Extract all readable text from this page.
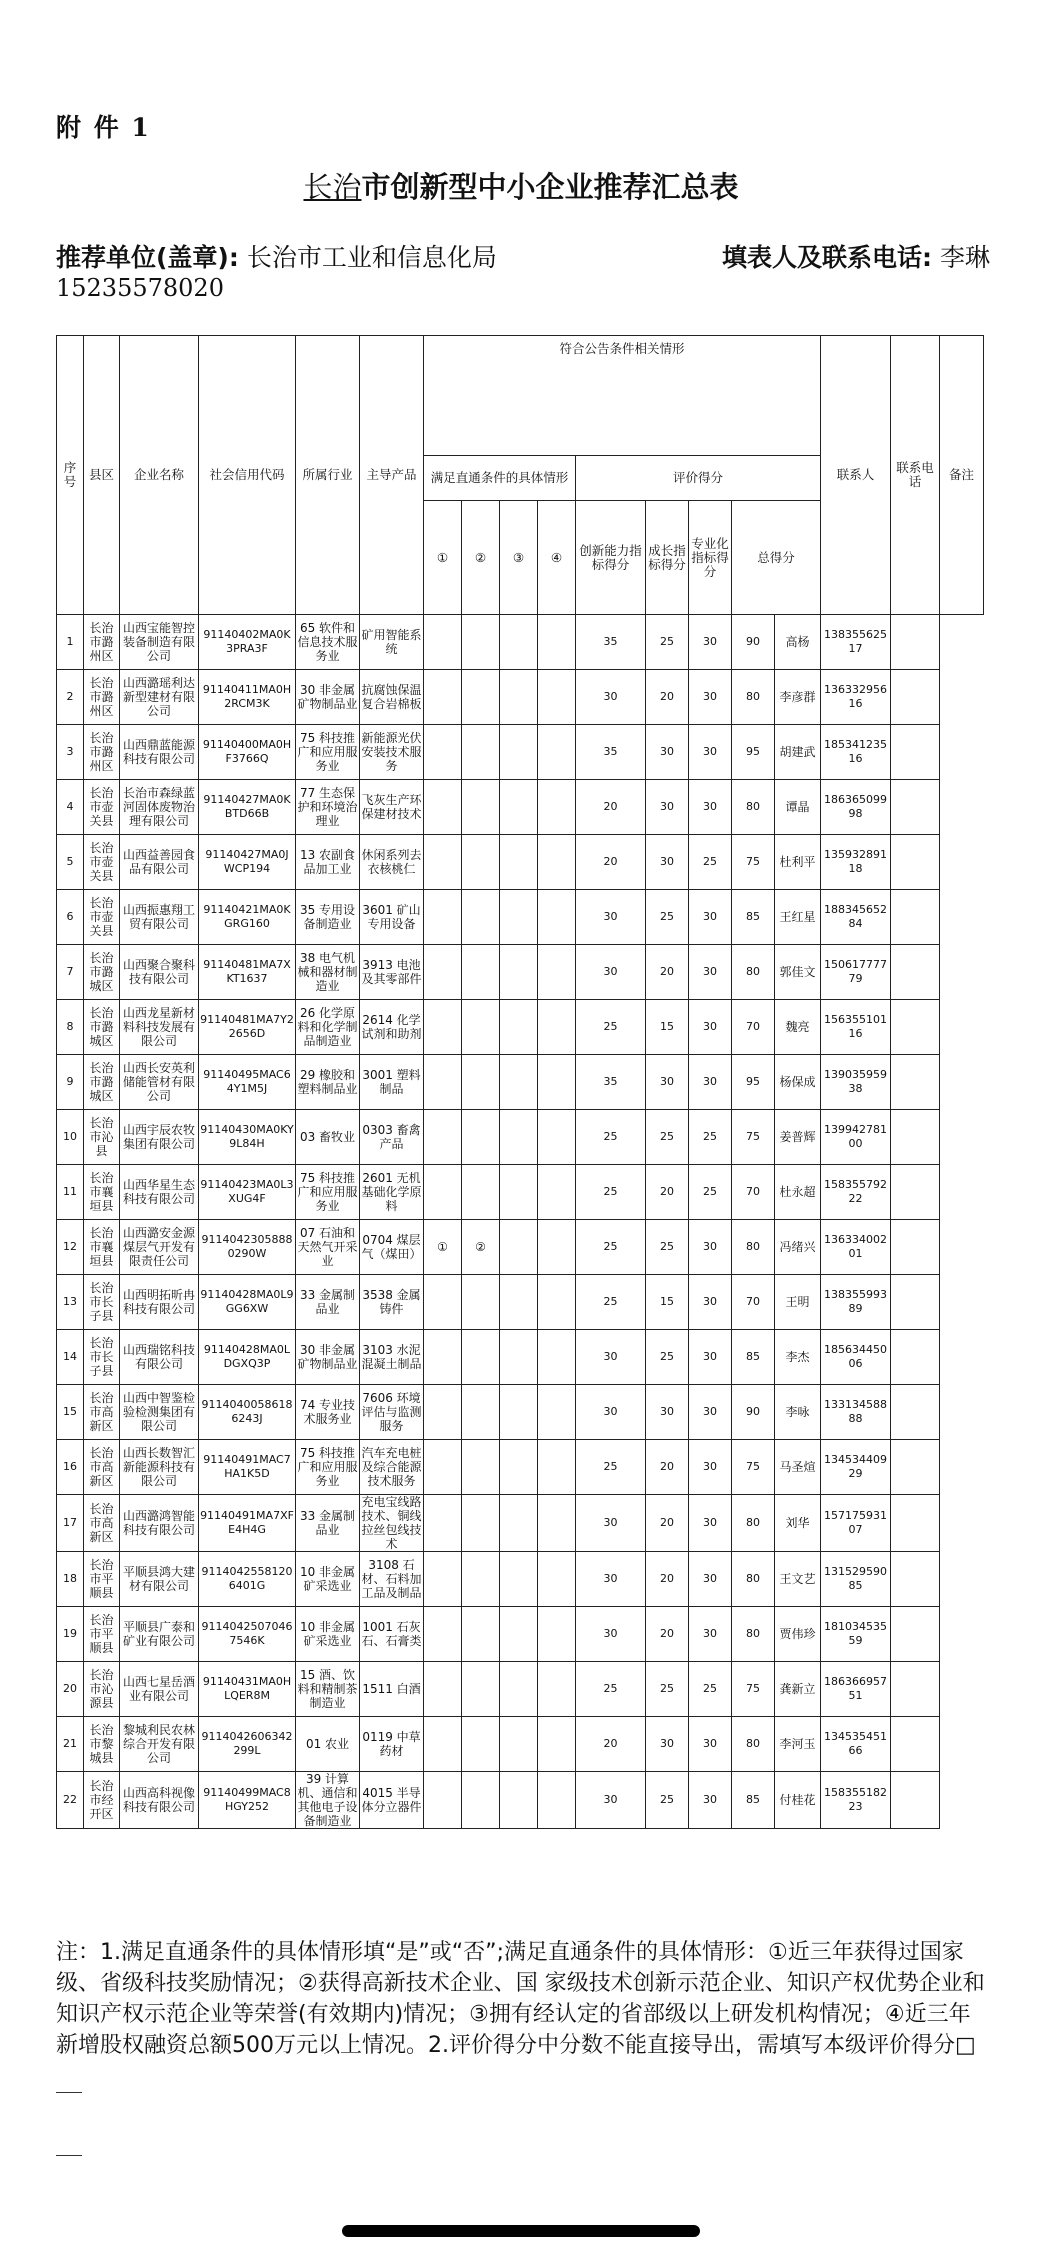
附 件 1
长治市创新型中小企业推荐汇总表
推荐单位(盖章): 长治市工业和信息化局	填表人及联系电话: 李琳
15235578020
序号	县区	企业名称	社会信用代码	所属行业	主导产品	符合公告条件相关情形									联系人	联系电话	备注
						满足直通条件的具体情形				评价得分							
						①	②	③	④	创新能力指标得分	成长指标得分	专业化指标得分	总得分				
1	长治市潞州区	山西宝能智控装备制造有限公司	91140402MA0K3PRA3F	65 软件和信息技术服务业	矿用智能系统					35	25	30	90	高杨	13835562517		
2	长治市潞州区	山西潞瑶利达新型建材有限公司	91140411MA0H2RCM3K	30 非金属矿物制品业	抗腐蚀保温复合岩棉板					30	20	30	80	李彦群	13633295616		
3	长治市潞州区	山西鼎蓝能源科技有限公司	91140400MA0HF3766Q	75 科技推广和应用服务业	新能源光伏安装技术服务					35	30	30	95	胡建武	18534123516		
4	长治市壶关县	长治市森绿蓝河固体废物治理有限公司	91140427MA0KBTD66B	77 生态保护和环境治理业	飞灰生产环保建材技术					20	30	30	80	谭晶	18636509998		
5	长治市壶关县	山西益善园食品有限公司	91140427MA0JWCP194	13 农副食品加工业	休闲系列去衣核桃仁					20	30	25	75	杜利平	13593289118		
6	长治市壶关县	山西振惠翔工贸有限公司	91140421MA0KGRG160	35 专用设备制造业	3601 矿山专用设备					30	25	30	85	王红星	18834565284		
7	长治市潞城区	山西聚合聚科技有限公司	91140481MA7XKT1637	38 电气机械和器材制造业	3913 电池及其零部件					30	20	30	80	郭佳文	15061777779		
8	长治市潞城区	山西龙星新材料科技发展有限公司	91140481MA7Y22656D	26 化学原料和化学制品制造业	2614 化学试剂和助剂					25	15	30	70	魏亮	15635510116		
9	长治市潞城区	山西长安英利储能管材有限公司	91140495MAC64Y1M5J	29 橡胶和塑料制品业	3001 塑料制品					35	30	30	95	杨保成	13903595938		
10	长治市沁县	山西宇辰农牧集团有限公司	91140430MA0KY9L84H	03 畜牧业	0303 畜禽产品					25	25	25	75	姜普辉	13994278100		
11	长治市襄垣县	山西华星生态科技有限公司	91140423MA0L3XUG4F	75 科技推广和应用服务业	2601 无机基础化学原料					25	20	25	70	杜永超	15835579222		
12	长治市襄垣县	山西潞安金源煤层气开发有限责任公司	91140423058880290W	07 石油和天然气开采业	0704 煤层气（煤田）	①	②			25	25	30	80	冯绪兴	13633400201		
13	长治市长子县	山西明拓昕冉科技有限公司	91140428MA0L9GG6XW	33 金属制品业	3538 金属铸件					25	15	30	70	王明	13835599389		
14	长治市长子县	山西瑞铭科技有限公司	91140428MA0LDGXQ3P	30 非金属矿物制品业	3103 水泥混凝土制品					30	25	30	85	李杰	18563445006		
15	长治市高新区	山西中智鉴检验检测集团有限公司	91140400586186243J	74 专业技术服务业	7606 环境评估与监测服务					30	30	30	90	李咏	13313458888		
16	长治市高新区	山西长数智汇新能源科技有限公司	91140491MAC7HA1K5D	75 科技推广和应用服务业	汽车充电桩及综合能源技术服务					25	20	30	75	马圣煊	13453440929		
17	长治市高新区	山西潞鸿智能科技有限公司	91140491MA7XFE4H4G	33 金属制品业	充电宝线路技术、铜线拉丝包线技术					30	20	30	80	刘华	15717593107		
18	长治市平顺县	平顺县鸿大建材有限公司	91140425581206401G	10 非金属矿采选业	3108 石材、石料加工品及制品					30	20	30	80	王文艺	13152959085		
19	长治市平顺县	平顺县广泰和矿业有限公司	91140425070467546K	10 非金属矿采选业	1001 石灰石、石膏类					30	20	30	80	贾伟珍	18103453559		
20	长治市沁源县	山西七星岳酒业有限公司	91140431MA0HLQER8M	15 酒、饮料和精制茶制造业	1511 白酒					25	25	25	75	龚新立	18636695751		
21	长治市黎城县	黎城利民农林综合开发有限公司	9114042606342299L	01 农业	0119 中草药材					20	30	30	80	李河玉	13453545166		
22	长治市经开区	山西高科视像科技有限公司	91140499MAC8HGY252	39 计算机、通信和其他电子设备制造业	4015 半导体分立器件					30	25	30	85	付桂花	15835518223		
注：1.满足直通条件的具体情形填“是”或“否”;满足直通条件的具体情形：①近三年获得过国家级、省级科技奖励情况；②获得高新技术企业、国 家级技术创新示范企业、知识产权优势企业和知识产权示范企业等荣誉(有效期内)情况；③拥有经认定的省部级以上研发机构情况；④近三年 新增股权融资总额500万元以上情况。2.评价得分中分数不能直接导出，需填写本级评价得分□
